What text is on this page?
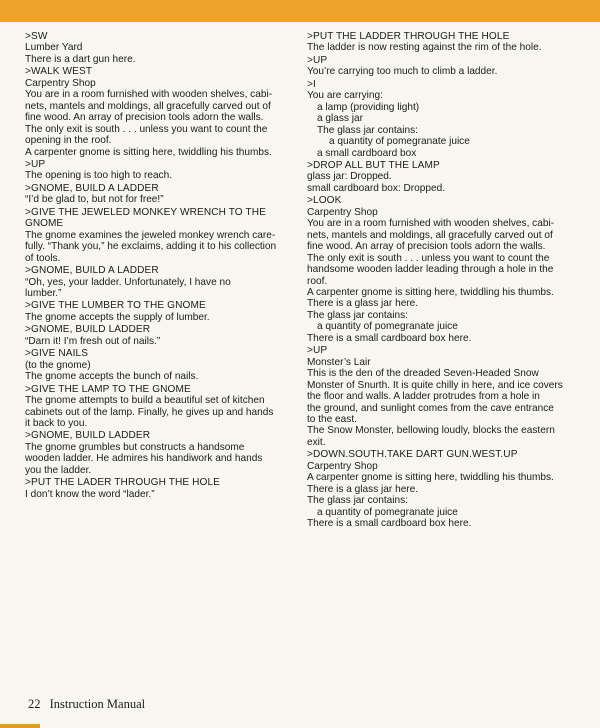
>SW
Lumber Yard
There is a dart gun here.
>WALK WEST
Carpentry Shop
You are in a room furnished with wooden shelves, cabi-
nets, mantels and moldings, all gracefully carved out of
fine wood. An array of precision tools adorn the walls.
The only exit is south . . . unless you want to count the
opening in the roof.
A carpenter gnome is sitting here, twiddling his thumbs.
>UP
The opening is too high to reach.
>GNOME, BUILD A LADDER
“I’d be glad to, but not for free!”
>GIVE THE JEWELED MONKEY WRENCH TO THE
GNOME
The gnome examines the jeweled monkey wrench care-
fully. “Thank you,” he exclaims, adding it to his collection
of tools.
>GNOME, BUILD A LADDER
“Oh, yes, your ladder. Unfortunately, I have no
lumber.”
>GIVE THE LUMBER TO THE GNOME
The gnome accepts the supply of lumber.
>GNOME, BUILD LADDER
“Darn it! I’m fresh out of nails.”
>GIVE NAILS
(to the gnome)
The gnome accepts the bunch of nails.
>GIVE THE LAMP TO THE GNOME
The gnome attempts to build a beautiful set of kitchen
cabinets out of the lamp. Finally, he gives up and hands
it back to you.
>GNOME, BUILD LADDER
The gnome grumbles but constructs a handsome
wooden ladder. He admires his handiwork and hands
you the ladder.
>PUT THE LADER THROUGH THE HOLE
I don’t know the word “lader.”
>PUT THE LADDER THROUGH THE HOLE
The ladder is now resting against the rim of the hole.
>UP
You’re carrying too much to climb a ladder.
>I
You are carrying:
a lamp (providing light)
a glass jar
The glass jar contains:
a quantity of pomegranate juice
a small cardboard box
>DROP ALL BUT THE LAMP
glass jar: Dropped.
small cardboard box: Dropped.
>LOOK
Carpentry Shop
You are in a room furnished with wooden shelves, cabi-
nets, mantels and moldings, all gracefully carved out of
fine wood. An array of precision tools adorn the walls.
The only exit is south . . . unless you want to count the
handsome wooden ladder leading through a hole in the
roof.
A carpenter gnome is sitting here, twiddling his thumbs.
There is a glass jar here.
The glass jar contains:
a quantity of pomegranate juice
There is a small cardboard box here.
>UP
Monster’s Lair
This is the den of the dreaded Seven-Headed Snow
Monster of Snurth. It is quite chilly in here, and ice covers
the floor and walls. A ladder protrudes from a hole in
the ground, and sunlight comes from the cave entrance
to the east.
The Snow Monster, bellowing loudly, blocks the eastern
exit.
>DOWN.SOUTH.TAKE DART GUN.WEST.UP
Carpentry Shop
A carpenter gnome is sitting here, twiddling his thumbs.
There is a glass jar here.
The glass jar contains:
a quantity of pomegranate juice
There is a small cardboard box here.
22 Instruction Manual
